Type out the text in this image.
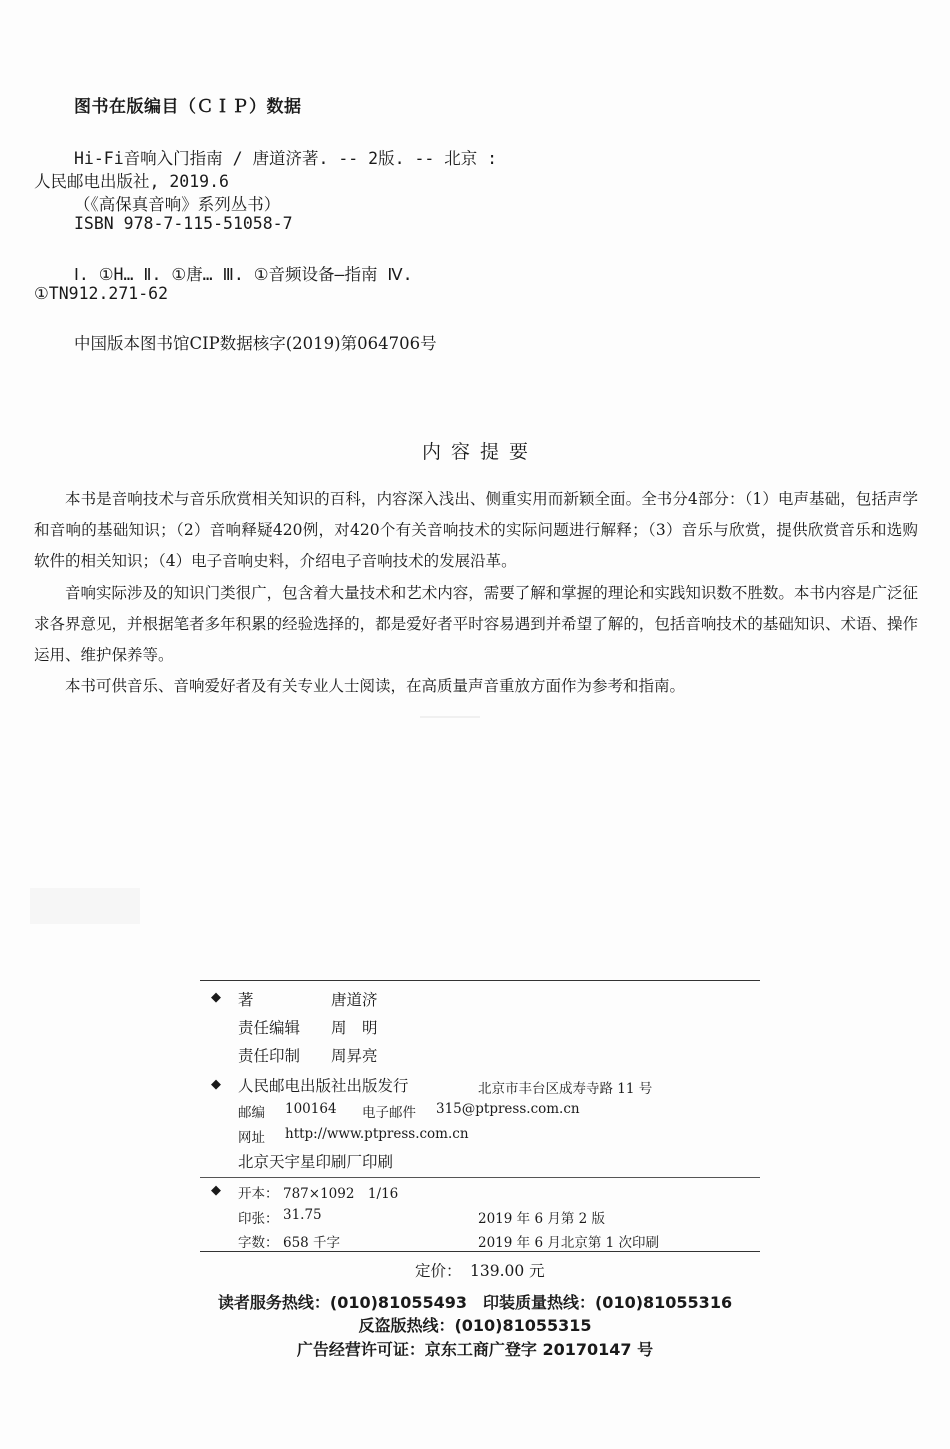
图书在版编目（ＣＩＰ）数据
Hi-Fi音响入门指南 / 唐道济著. -- 2版. -- 北京 :
人民邮电出版社, 2019.6
（《高保真音响》系列丛书）
ISBN 978-7-115-51058-7
Ⅰ. ①H… Ⅱ. ①唐… Ⅲ. ①音频设备—指南 Ⅳ.
①TN912.271-62
中国版本图书馆CIP数据核字(2019)第064706号
内容提要

本书是音响技术与音乐欣赏相关知识的百科，内容深入浅出、侧重实用而新颖全面。全书分4部分：（1）电声基础，包括声学和音响的基础知识；（2）音响释疑420例，对420个有关音响技术的实际问题进行解释；（3）音乐与欣赏，提供欣赏音乐和选购软件的相关知识；（4）电子音响史料，介绍电子音响技术的发展沿革。

音响实际涉及的知识门类很广，包含着大量技术和艺术内容，需要了解和掌握的理论和实践知识数不胜数。本书内容是广泛征求各界意见，并根据笔者多年积累的经验选择的，都是爱好者平时容易遇到并希望了解的，包括音响技术的基础知识、术语、操作运用、维护保养等。

本书可供音乐、音响爱好者及有关专业人士阅读，在高质量声音重放方面作为参考和指南。

◆ 著	唐道济
责任编辑 周　明
责任印制 周昇亮
◆ 人民邮电出版社出版发行	北京市丰台区成寿寺路 11 号
邮编 100164 电子邮件 315@ptpress.com.cn
网址 http://www.ptpress.com.cn
北京天宇星印刷厂印刷
◆ 开本： 787×1092　1/16
印张： 31.75	2019 年 6 月第 2 版
字数： 658 千字	2019 年 6 月北京第 1 次印刷
定价： 139.00 元
读者服务热线：(010)81055493　印装质量热线：(010)81055316
反盗版热线：(010)81055315
广告经营许可证：京东工商广登字 20170147 号
